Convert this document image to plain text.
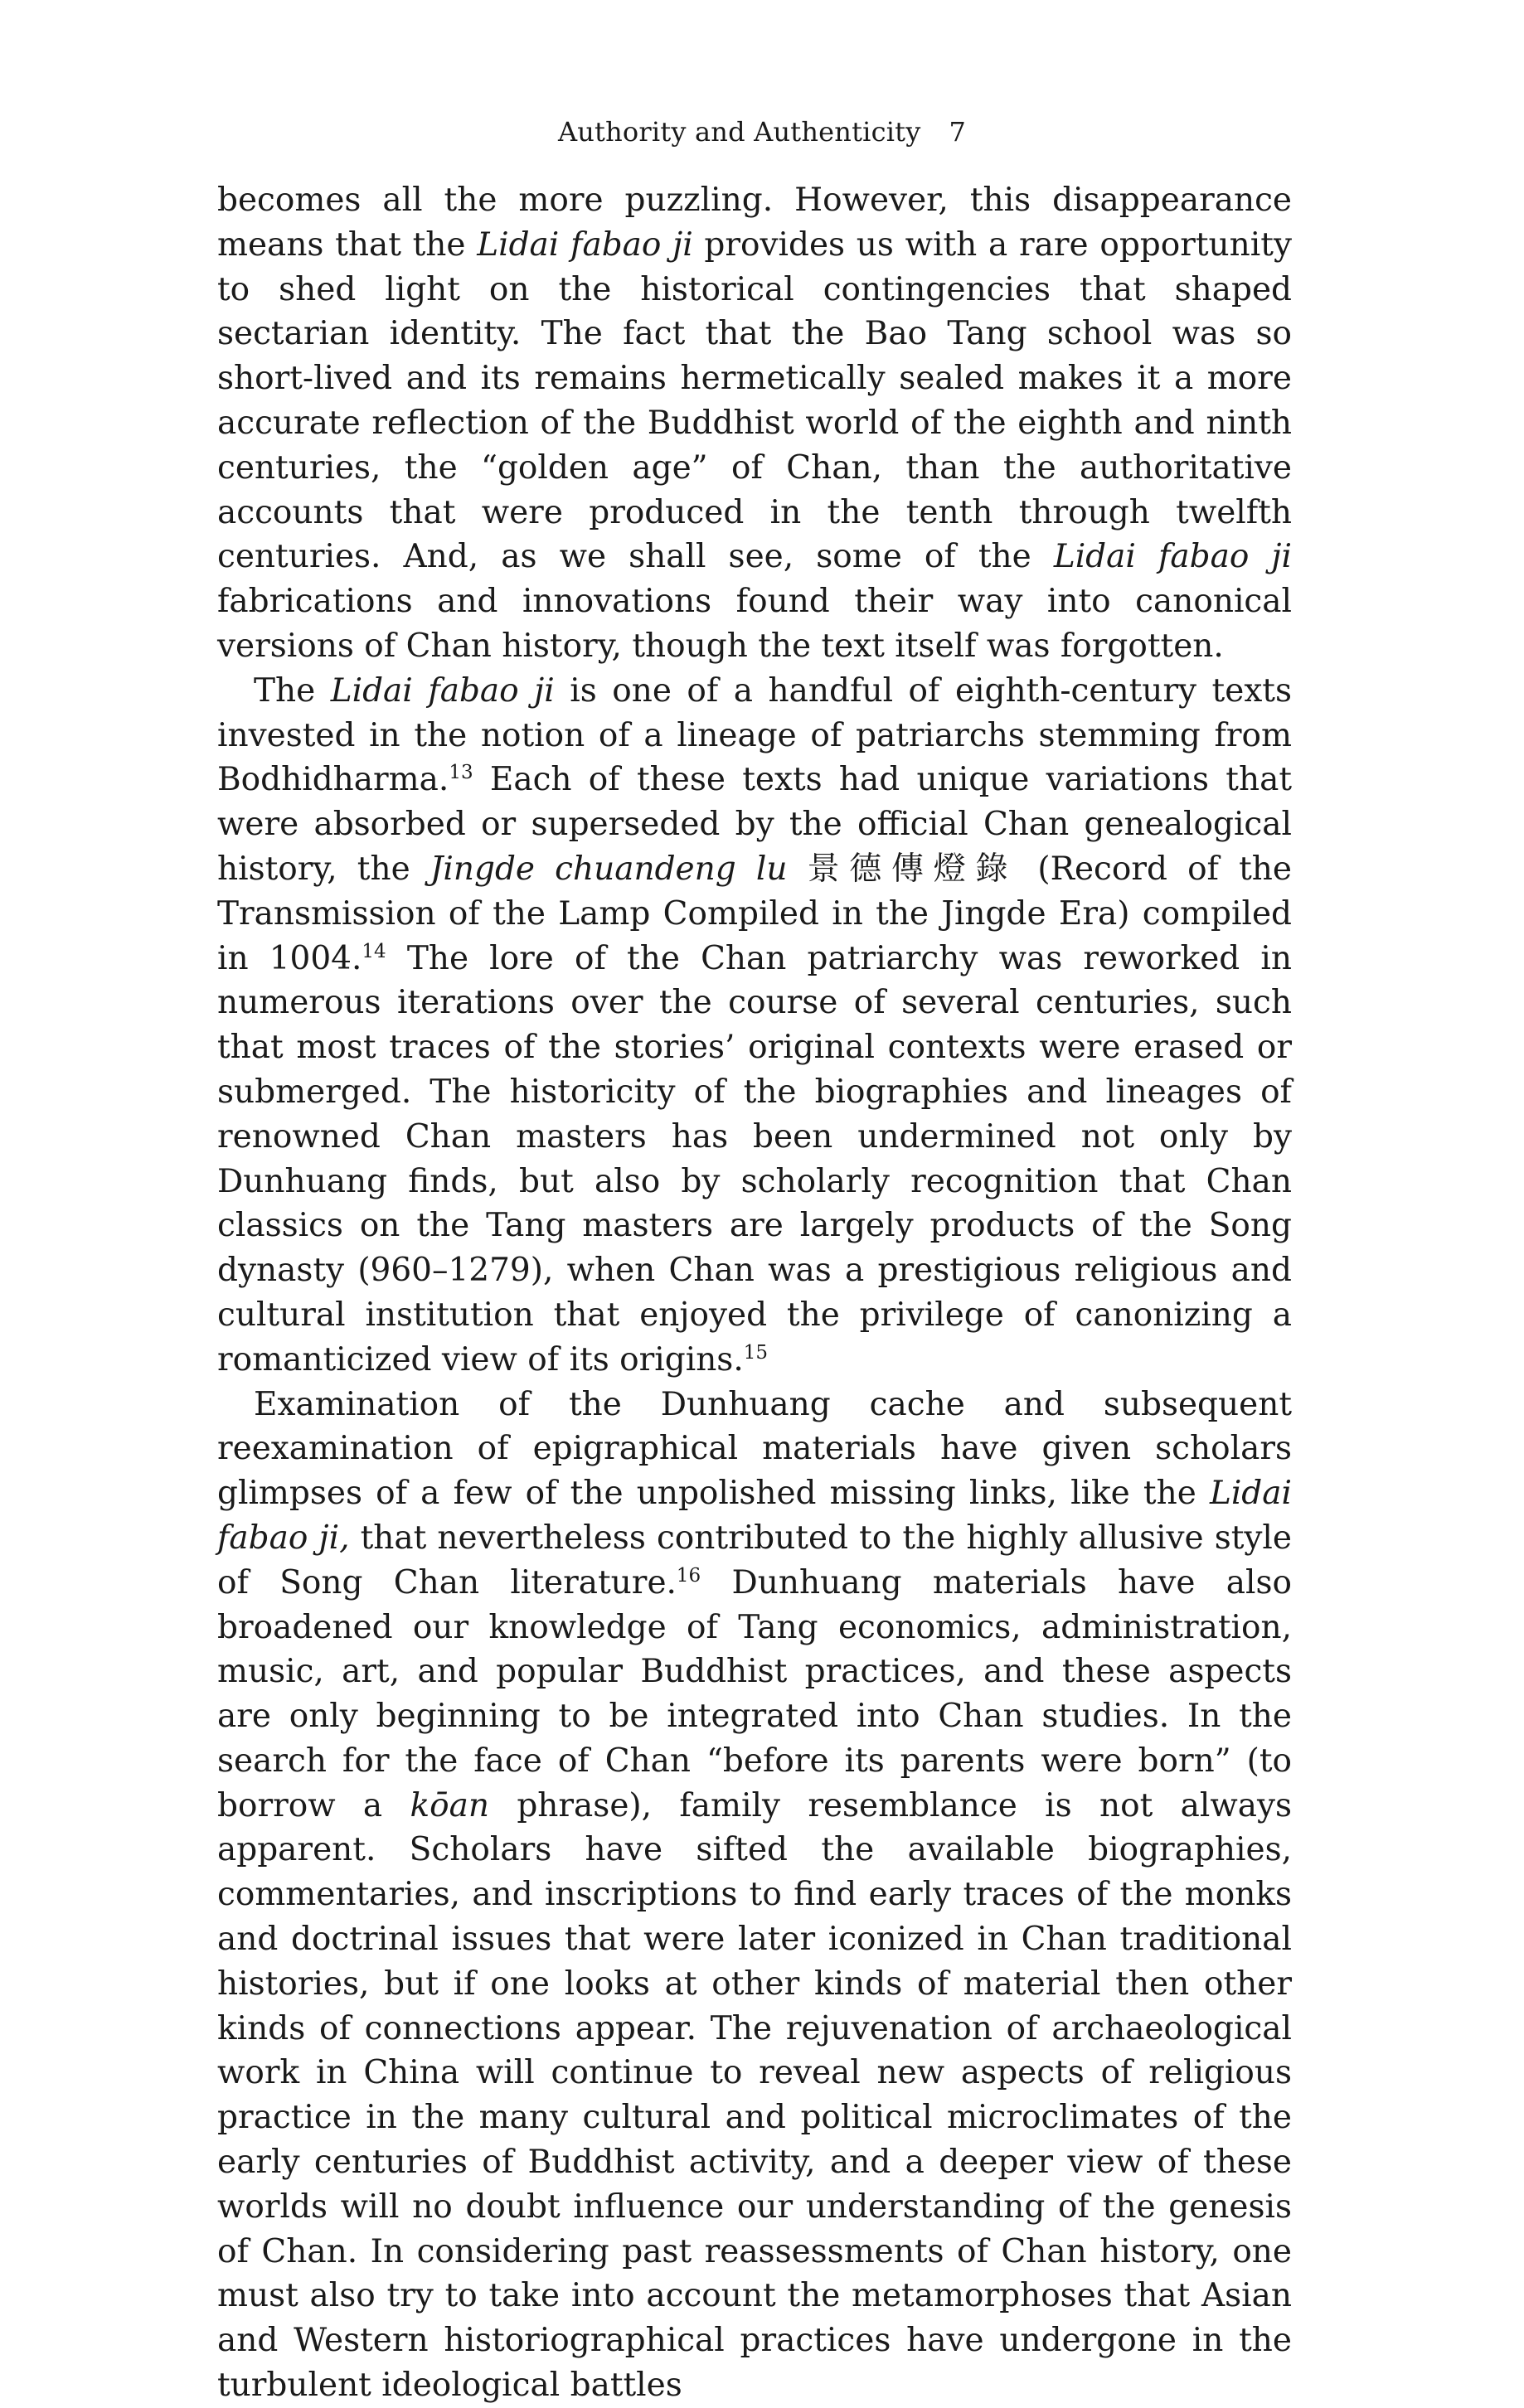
Authority and Authenticity 7

becomes all the more puzzling. However, this disappearance means that the Lidai fabao ji provides us with a rare opportunity to shed light on the historical contingencies that shaped sectarian identity. The fact that the Bao Tang school was so short-lived and its remains hermetically sealed makes it a more accurate reflection of the Buddhist world of the eighth and ninth centuries, the “golden age” of Chan, than the authoritative accounts that were produced in the tenth through twelfth centuries. And, as we shall see, some of the Lidai fabao ji fabrications and innovations found their way into canonical versions of Chan history, though the text itself was forgotten.

The Lidai fabao ji is one of a handful of eighth-century texts invested in the notion of a lineage of patriarchs stemming from Bodhidharma.$^{13}$ Each of these texts had unique variations that were absorbed or superseded by the official Chan genealogical history, the Jingde chuandeng lu 景德傳燈錄 (Record of the Transmission of the Lamp Compiled in the Jingde Era) compiled in 1004.14 The lore of the Chan patriarchy was reworked in numerous iterations over the course of several centuries, such that most traces of the stories’ original contexts were erased or submerged. The historicity of the biographies and lineages of renowned Chan masters has been undermined not only by Dunhuang finds, but also by scholarly recognition that Chan classics on the Tang masters are largely products of the Song dynasty (960–1279), when Chan was a prestigious religious and cultural institution that enjoyed the privilege of canonizing a romanticized view of its origins.$^{15}$

Examination of the Dunhuang cache and subsequent reexamination of epigraphical materials have given scholars glimpses of a few of the unpolished missing links, like the Lidai fabao ji, that nevertheless contributed to the highly allusive style of Song Chan literature.$^{16}$ Dunhuang materials have also broadened our knowledge of Tang economics, administration, music, art, and popular Buddhist practices, and these aspects are only beginning to be integrated into Chan studies. In the search for the face of Chan “before its parents were born” (to borrow a kōan phrase), family resemblance is not always apparent. Scholars have sifted the available biographies, commentaries, and inscriptions to find early traces of the monks and doctrinal issues that were later iconized in Chan traditional histories, but if one looks at other kinds of material then other kinds of connections appear. The rejuvenation of archaeological work in China will continue to reveal new aspects of religious practice in the many cultural and political microclimates of the early centuries of Buddhist activity, and a deeper view of these worlds will no doubt influence our understanding of the genesis of Chan. In considering past reassessments of Chan history, one must also try to take into account the metamorphoses that Asian and Western historiographical practices have undergone in the turbulent ideological battles
